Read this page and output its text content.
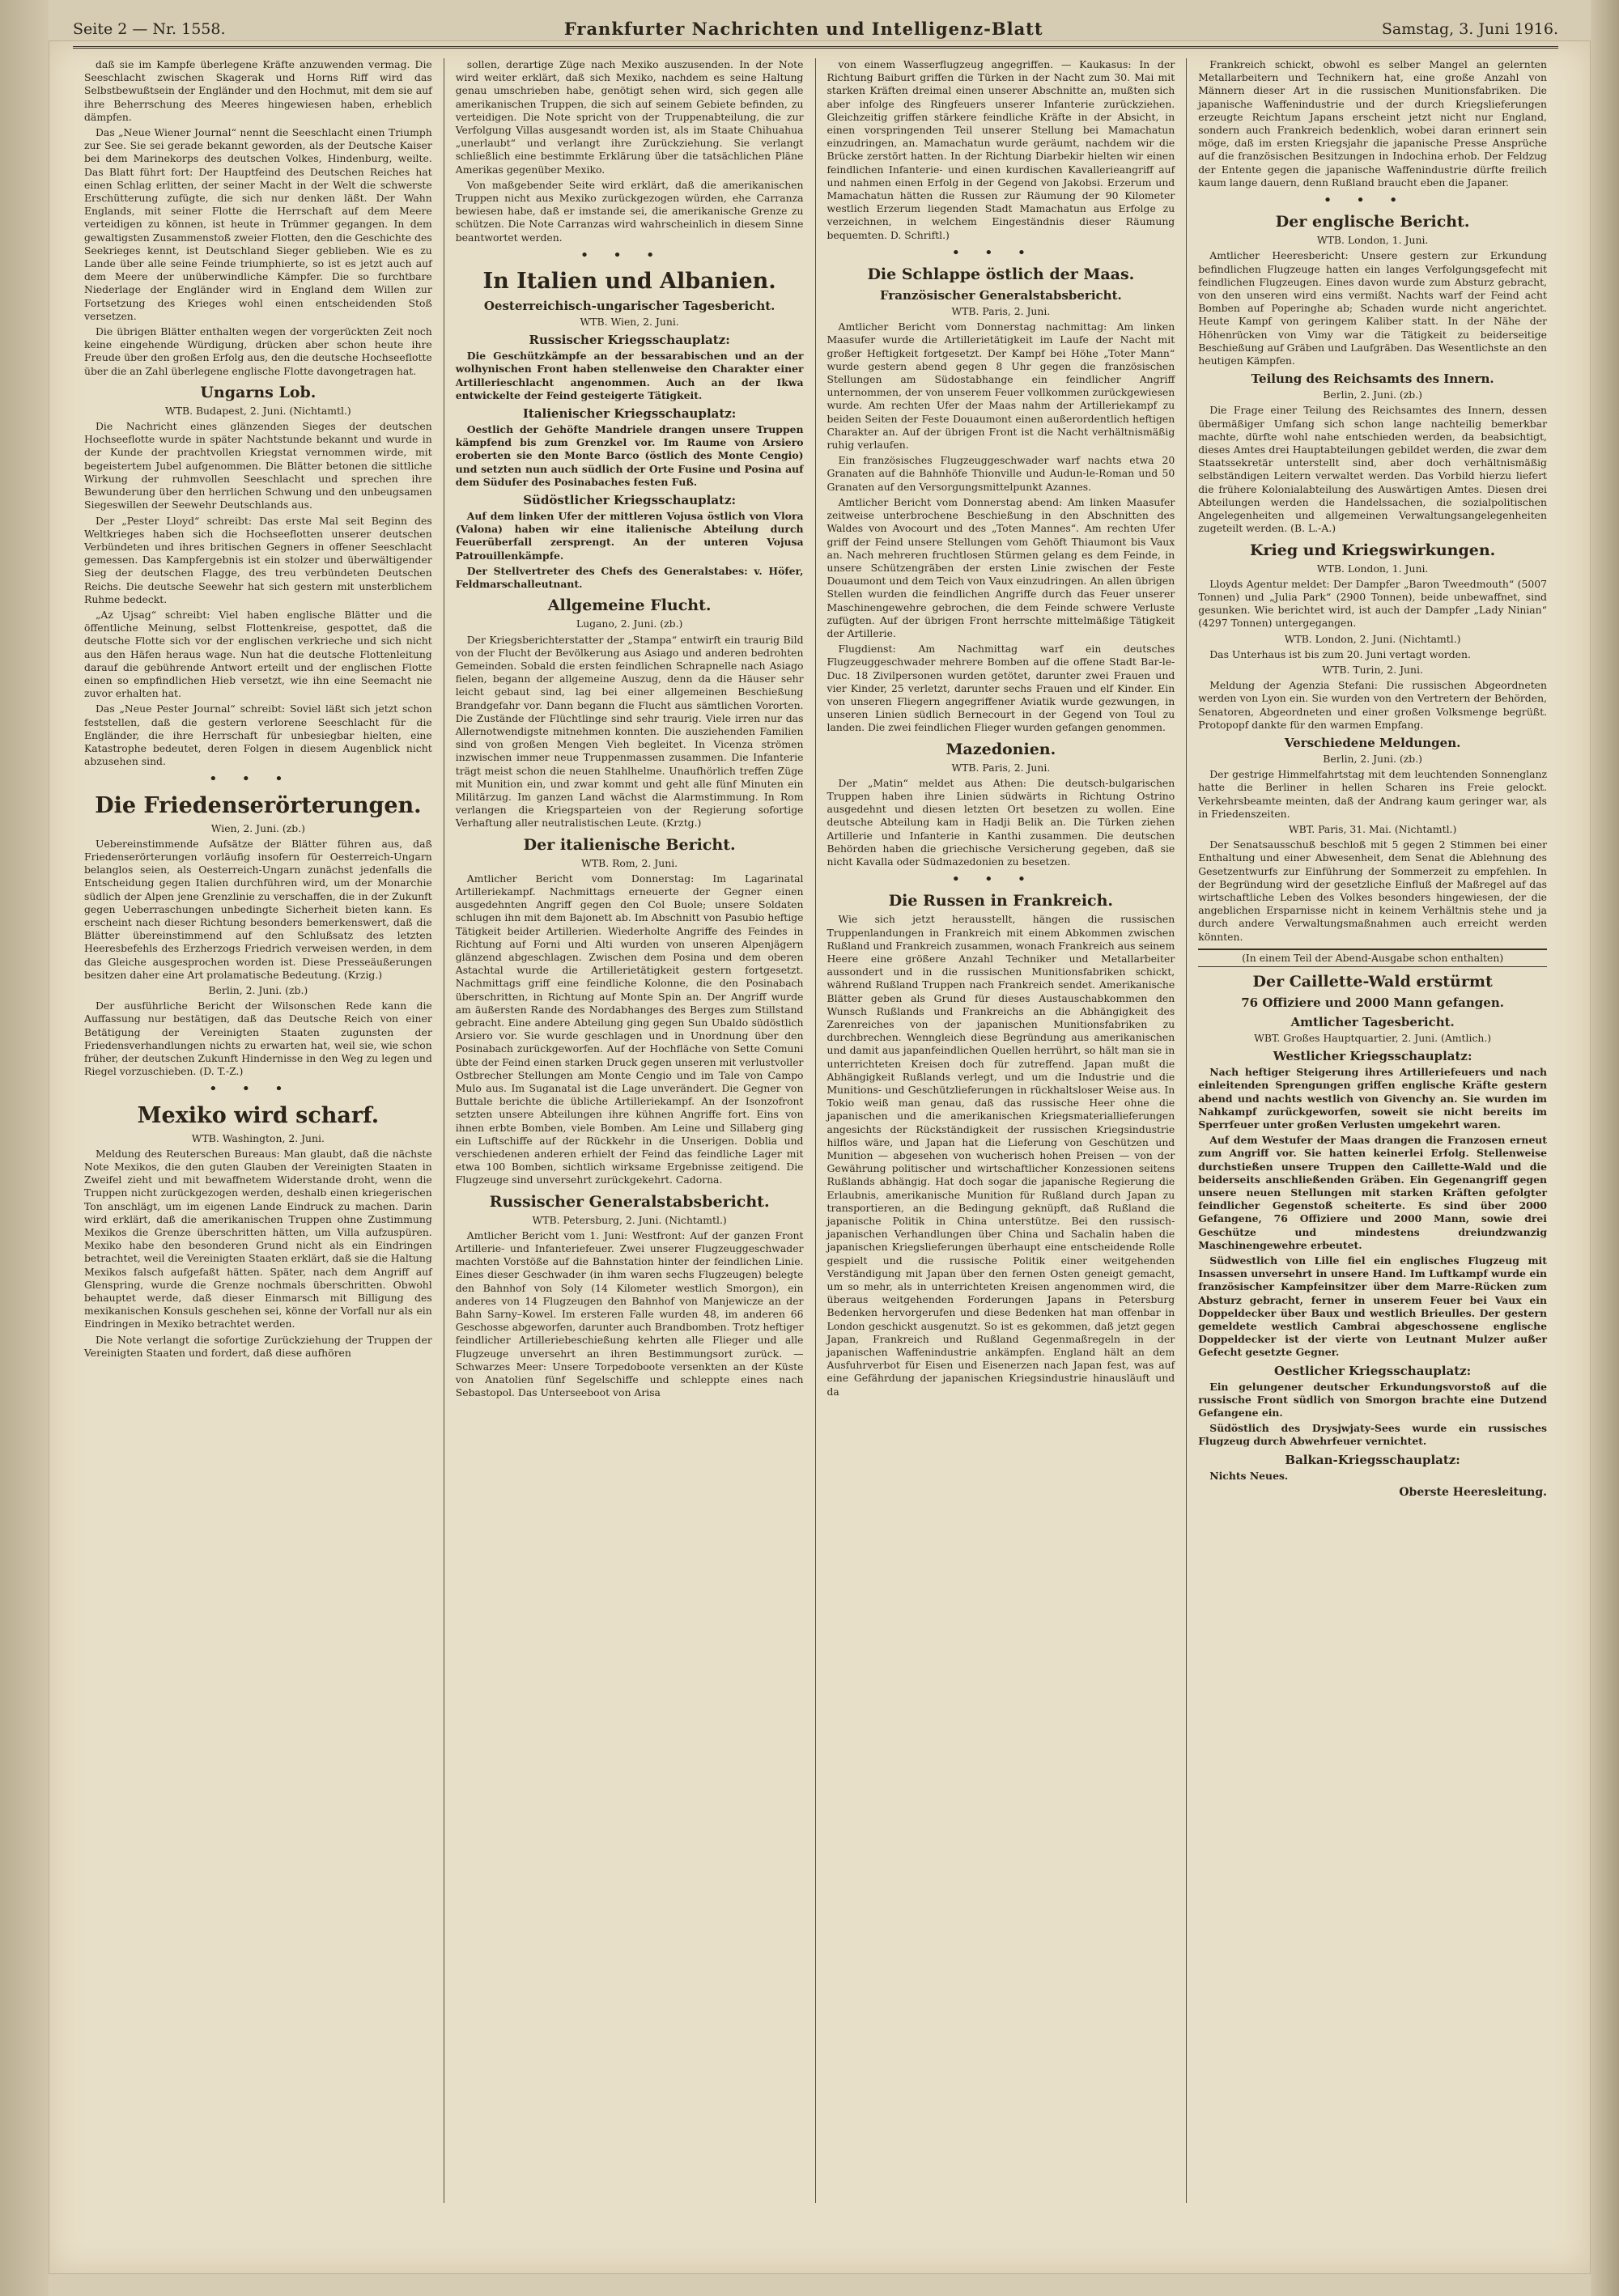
Seite 2 — Nr. 1558.	Frankfurter Nachrichten und Intelligenz-Blatt	Samstag, 3. Juni 1916.

daß sie im Kampfe überlegene Kräfte anzuwenden vermag. Die Seeschlacht zwischen Skagerak und Horns Riff wird das Selbstbewußtsein der Engländer und den Hochmut, mit dem sie auf ihre Beherrschung des Meeres hingewiesen haben, erheblich dämpfen.

Das „Neue Wiener Journal“ nennt die Seeschlacht einen Triumph zur See. Sie sei gerade bekannt geworden, als der Deutsche Kaiser bei dem Marinekorps des deutschen Volkes, Hindenburg, weilte. Das Blatt führt fort: Der Hauptfeind des Deutschen Reiches hat einen Schlag erlitten, der seiner Macht in der Welt die schwerste Erschütterung zufügte, die sich nur denken läßt. Der Wahn Englands, mit seiner Flotte die Herrschaft auf dem Meere verteidigen zu können, ist heute in Trümmer gegangen. In dem gewaltigsten Zusammenstoß zweier Flotten, den die Geschichte des Seekrieges kennt, ist Deutschland Sieger geblieben. Wie es zu Lande über alle seine Feinde triumphierte, so ist es jetzt auch auf dem Meere der unüberwindliche Kämpfer. Die so furchtbare Niederlage der Engländer wird in England dem Willen zur Fortsetzung des Krieges wohl einen entscheidenden Stoß versetzen.

Die übrigen Blätter enthalten wegen der vorgerückten Zeit noch keine eingehende Würdigung, drücken aber schon heute ihre Freude über den großen Erfolg aus, den die deutsche Hochseeflotte über die an Zahl überlegene englische Flotte davongetragen hat.

Ungarns Lob.
WTB. Budapest, 2. Juni. (Nichtamtl.)

Die Nachricht eines glänzenden Sieges der deutschen Hochseeflotte wurde in später Nachtstunde bekannt und wurde in der Kunde der prachtvollen Kriegstat vernommen wirde, mit begeistertem Jubel aufgenommen. Die Blätter betonen die sittliche Wirkung der ruhmvollen Seeschlacht und sprechen ihre Bewunderung über den herrlichen Schwung und den unbeugsamen Siegeswillen der Seewehr Deutschlands aus.

Der „Pester Lloyd“ schreibt: Das erste Mal seit Beginn des Weltkrieges haben sich die Hochseeflotten unserer deutschen Verbündeten und ihres britischen Gegners in offener Seeschlacht gemessen. Das Kampfergebnis ist ein stolzer und überwältigender Sieg der deutschen Flagge, des treu verbündeten Deutschen Reichs. Die deutsche Seewehr hat sich gestern mit unsterblichem Ruhme bedeckt.

„Az Ujsag“ schreibt: Viel haben englische Blätter und die öffentliche Meinung, selbst Flottenkreise, gespottet, daß die deutsche Flotte sich vor der englischen verkrieche und sich nicht aus den Häfen heraus wage. Nun hat die deutsche Flottenleitung darauf die gebührende Antwort erteilt und der englischen Flotte einen so empfindlichen Hieb versetzt, wie ihn eine Seemacht nie zuvor erhalten hat.

Das „Neue Pester Journal“ schreibt: Soviel läßt sich jetzt schon feststellen, daß die gestern verlorene Seeschlacht für die Engländer, die ihre Herrschaft für unbesiegbar hielten, eine Katastrophe bedeutet, deren Folgen in diesem Augenblick nicht abzusehen sind.

•••
Die Friedenserörterungen.
Wien, 2. Juni. (zb.)

Uebereinstimmende Aufsätze der Blätter führen aus, daß Friedenserörterungen vorläufig insofern für Oesterreich-Ungarn belanglos seien, als Oesterreich-Ungarn zunächst jedenfalls die Entscheidung gegen Italien durchführen wird, um der Monarchie südlich der Alpen jene Grenzlinie zu verschaffen, die in der Zukunft gegen Ueberraschungen unbedingte Sicherheit bieten kann. Es erscheint nach dieser Richtung besonders bemerkenswert, daß die Blätter übereinstimmend auf den Schlußsatz des letzten Heeresbefehls des Erzherzogs Friedrich verweisen werden, in dem das Gleiche ausgesprochen worden ist. Diese Presseäußerungen besitzen daher eine Art prolamatische Bedeutung. (Krzig.)

Berlin, 2. Juni. (zb.)

Der ausführliche Bericht der Wilsonschen Rede kann die Auffassung nur bestätigen, daß das Deutsche Reich von einer Betätigung der Vereinigten Staaten zugunsten der Friedensverhandlungen nichts zu erwarten hat, weil sie, wie schon früher, der deutschen Zukunft Hindernisse in den Weg zu legen und Riegel vorzuschieben. (D. T.-Z.)

•••
Mexiko wird scharf.
WTB. Washington, 2. Juni.

Meldung des Reuterschen Bureaus: Man glaubt, daß die nächste Note Mexikos, die den guten Glauben der Vereinigten Staaten in Zweifel zieht und mit bewaffnetem Widerstande droht, wenn die Truppen nicht zurückgezogen werden, deshalb einen kriegerischen Ton anschlägt, um im eigenen Lande Eindruck zu machen. Darin wird erklärt, daß die amerikanischen Truppen ohne Zustimmung Mexikos die Grenze überschritten hätten, um Villa aufzuspüren. Mexiko habe den besonderen Grund nicht als ein Eindringen betrachtet, weil die Vereinigten Staaten erklärt, daß sie die Haltung Mexikos falsch aufgefaßt hätten. Später, nach dem Angriff auf Glenspring, wurde die Grenze nochmals überschritten. Obwohl behauptet werde, daß dieser Einmarsch mit Billigung des mexikanischen Konsuls geschehen sei, könne der Vorfall nur als ein Eindringen in Mexiko betrachtet werden.

Die Note verlangt die sofortige Zurückziehung der Truppen der Vereinigten Staaten und fordert, daß diese aufhören

sollen, derartige Züge nach Mexiko auszusenden. In der Note wird weiter erklärt, daß sich Mexiko, nachdem es seine Haltung genau umschrieben habe, genötigt sehen wird, sich gegen alle amerikanischen Truppen, die sich auf seinem Gebiete befinden, zu verteidigen. Die Note spricht von der Truppenabteilung, die zur Verfolgung Villas ausgesandt worden ist, als im Staate Chihuahua „unerlaubt“ und verlangt ihre Zurückziehung. Sie verlangt schließlich eine bestimmte Erklärung über die tatsächlichen Pläne Amerikas gegenüber Mexiko.

Von maßgebender Seite wird erklärt, daß die amerikanischen Truppen nicht aus Mexiko zurückgezogen würden, ehe Carranza bewiesen habe, daß er imstande sei, die amerikanische Grenze zu schützen. Die Note Carranzas wird wahrscheinlich in diesem Sinne beantwortet werden.

•••
In Italien und Albanien.
Oesterreichisch-ungarischer Tagesbericht.
WTB. Wien, 2. Juni.
Russischer Kriegsschauplatz:

Die Geschützkämpfe an der bessarabischen und an der wolhynischen Front haben stellenweise den Charakter einer Artillerieschlacht angenommen. Auch an der Ikwa entwickelte der Feind gesteigerte Tätigkeit.

Italienischer Kriegsschauplatz:

Oestlich der Gehöfte Mandriele drangen unsere Truppen kämpfend bis zum Grenzkel vor. Im Raume von Arsiero eroberten sie den Monte Barco (östlich des Monte Cengio) und setzten nun auch südlich der Orte Fusine und Posina auf dem Südufer des Posinabaches festen Fuß.

Südöstlicher Kriegsschauplatz:

Auf dem linken Ufer der mittleren Vojusa östlich von Vlora (Valona) haben wir eine italienische Abteilung durch Feuerüberfall zersprengt. An der unteren Vojusa Patrouillenkämpfe.

Der Stellvertreter des Chefs des Generalstabes: v. Höfer, Feldmarschalleutnant.

Allgemeine Flucht.
Lugano, 2. Juni. (zb.)

Der Kriegsberichterstatter der „Stampa“ entwirft ein traurig Bild von der Flucht der Bevölkerung aus Asiago und anderen bedrohten Gemeinden. Sobald die ersten feindlichen Schrapnelle nach Asiago fielen, begann der allgemeine Auszug, denn da die Häuser sehr leicht gebaut sind, lag bei einer allgemeinen Beschießung Brandgefahr vor. Dann begann die Flucht aus sämtlichen Vororten. Die Zustände der Flüchtlinge sind sehr traurig. Viele irren nur das Allernotwendigste mitnehmen konnten. Die ausziehenden Familien sind von großen Mengen Vieh begleitet. In Vicenza strömen inzwischen immer neue Truppenmassen zusammen. Die Infanterie trägt meist schon die neuen Stahlhelme. Unaufhörlich treffen Züge mit Munition ein, und zwar kommt und geht alle fünf Minuten ein Militärzug. Im ganzen Land wächst die Alarmstimmung. In Rom verlangen die Kriegsparteien von der Regierung sofortige Verhaftung aller neutralistischen Leute. (Krztg.)

Der italienische Bericht.
WTB. Rom, 2. Juni.

Amtlicher Bericht vom Donnerstag: Im Lagarinatal Artilleriekampf. Nachmittags erneuerte der Gegner einen ausgedehnten Angriff gegen den Col Buole; unsere Soldaten schlugen ihn mit dem Bajonett ab. Im Abschnitt von Pasubio heftige Tätigkeit beider Artillerien. Wiederholte Angriffe des Feindes in Richtung auf Forni und Alti wurden von unseren Alpenjägern glänzend abgeschlagen. Zwischen dem Posina und dem oberen Astachtal wurde die Artillerietätigkeit gestern fortgesetzt. Nachmittags griff eine feindliche Kolonne, die den Posinabach überschritten, in Richtung auf Monte Spin an. Der Angriff wurde am äußersten Rande des Nordabhanges des Berges zum Stillstand gebracht. Eine andere Abteilung ging gegen Sun Ubaldo südöstlich Arsiero vor. Sie wurde geschlagen und in Unordnung über den Posinabach zurückgeworfen. Auf der Hochfläche von Sette Comuni übte der Feind einen starken Druck gegen unseren mit verlustvoller Ostbrecher Stellungen am Monte Cengio und im Tale von Campo Mulo aus. Im Suganatal ist die Lage unverändert. Die Gegner von Buttale berichte die übliche Artilleriekampf. An der Isonzofront setzten unsere Abteilungen ihre kühnen Angriffe fort. Eins von ihnen erbte Bomben, viele Bomben. Am Leine und Sillaberg ging ein Luftschiffe auf der Rückkehr in die Unserigen. Doblia und verschiedenen anderen erhielt der Feind das feindliche Lager mit etwa 100 Bomben, sichtlich wirksame Ergebnisse zeitigend. Die Flugzeuge sind unversehrt zurückgekehrt. Cadorna.

Russischer Generalstabsbericht.
WTB. Petersburg, 2. Juni. (Nichtamtl.)

Amtlicher Bericht vom 1. Juni: Westfront: Auf der ganzen Front Artillerie- und Infanteriefeuer. Zwei unserer Flugzeuggeschwader machten Vorstöße auf die Bahnstation hinter der feindlichen Linie. Eines dieser Geschwader (in ihm waren sechs Flugzeugen) belegte den Bahnhof von Soly (14 Kilometer westlich Smorgon), ein anderes von 14 Flugzeugen den Bahnhof von Manjewicze an der Bahn Sarny–Kowel. Im ersteren Falle wurden 48, im anderen 66 Geschosse abgeworfen, darunter auch Brandbomben. Trotz heftiger feindlicher Artilleriebeschießung kehrten alle Flieger und alle Flugzeuge unversehrt an ihren Bestimmungsort zurück. — Schwarzes Meer: Unsere Torpedoboote versenkten an der Küste von Anatolien fünf Segelschiffe und schleppte eines nach Sebastopol. Das Unterseeboot von Arisa

von einem Wasserflugzeug angegriffen. — Kaukasus: In der Richtung Baiburt griffen die Türken in der Nacht zum 30. Mai mit starken Kräften dreimal einen unserer Abschnitte an, mußten sich aber infolge des Ringfeuers unserer Infanterie zurückziehen. Gleichzeitig griffen stärkere feindliche Kräfte in der Absicht, in einen vorspringenden Teil unserer Stellung bei Mamachatun einzudringen, an. Mamachatun wurde geräumt, nachdem wir die Brücke zerstört hatten. In der Richtung Diarbekir hielten wir einen feindlichen Infanterie- und einen kurdischen Kavallerieangriff auf und nahmen einen Erfolg in der Gegend von Jakobsi. Erzerum und Mamachatun hätten die Russen zur Räumung der 90 Kilometer westlich Erzerum liegenden Stadt Mamachatun aus Erfolge zu verzeichnen, in welchem Eingeständnis dieser Räumung bequemten. D. Schriftl.)

•••
Die Schlappe östlich der Maas.
Französischer Generalstabsbericht.
WTB. Paris, 2. Juni.

Amtlicher Bericht vom Donnerstag nachmittag: Am linken Maasufer wurde die Artillerietätigkeit im Laufe der Nacht mit großer Heftigkeit fortgesetzt. Der Kampf bei Höhe „Toter Mann“ wurde gestern abend gegen 8 Uhr gegen die französischen Stellungen am Südostabhange ein feindlicher Angriff unternommen, der von unserem Feuer vollkommen zurückgewiesen wurde. Am rechten Ufer der Maas nahm der Artilleriekampf zu beiden Seiten der Feste Douaumont einen außerordentlich heftigen Charakter an. Auf der übrigen Front ist die Nacht verhältnismäßig ruhig verlaufen.

Ein französisches Flugzeuggeschwader warf nachts etwa 20 Granaten auf die Bahnhöfe Thionville und Audun-le-Roman und 50 Granaten auf den Versorgungsmittelpunkt Azannes.

Amtlicher Bericht vom Donnerstag abend: Am linken Maasufer zeitweise unterbrochene Beschießung in den Abschnitten des Waldes von Avocourt und des „Toten Mannes“. Am rechten Ufer griff der Feind unsere Stellungen vom Gehöft Thiaumont bis Vaux an. Nach mehreren fruchtlosen Stürmen gelang es dem Feinde, in unsere Schützengräben der ersten Linie zwischen der Feste Douaumont und dem Teich von Vaux einzudringen. An allen übrigen Stellen wurden die feindlichen Angriffe durch das Feuer unserer Maschinengewehre gebrochen, die dem Feinde schwere Verluste zufügten. Auf der übrigen Front herrschte mittelmäßige Tätigkeit der Artillerie.

Flugdienst: Am Nachmittag warf ein deutsches Flugzeuggeschwader mehrere Bomben auf die offene Stadt Bar-le-Duc. 18 Zivilpersonen wurden getötet, darunter zwei Frauen und vier Kinder, 25 verletzt, darunter sechs Frauen und elf Kinder. Ein von unseren Fliegern angegriffener Aviatik wurde gezwungen, in unseren Linien südlich Bernecourt in der Gegend von Toul zu landen. Die zwei feindlichen Flieger wurden gefangen genommen.

Mazedonien.
WTB. Paris, 2. Juni.

Der „Matin“ meldet aus Athen: Die deutsch-bulgarischen Truppen haben ihre Linien südwärts in Richtung Ostrino ausgedehnt und diesen letzten Ort besetzen zu wollen. Eine deutsche Abteilung kam in Hadji Belik an. Die Türken ziehen Artillerie und Infanterie in Kanthi zusammen. Die deutschen Behörden haben die griechische Versicherung gegeben, daß sie nicht Kavalla oder Südmazedonien zu besetzen.

•••
Die Russen in Frankreich.

Wie sich jetzt herausstellt, hängen die russischen Truppenlandungen in Frankreich mit einem Abkommen zwischen Rußland und Frankreich zusammen, wonach Frankreich aus seinem Heere eine größere Anzahl Techniker und Metallarbeiter aussondert und in die russischen Munitionsfabriken schickt, während Rußland Truppen nach Frankreich sendet. Amerikanische Blätter geben als Grund für dieses Austauschabkommen den Wunsch Rußlands und Frankreichs an die Abhängigkeit des Zarenreiches von der japanischen Munitionsfabriken zu durchbrechen. Wenngleich diese Begründung aus amerikanischen und damit aus japanfeindlichen Quellen herrührt, so hält man sie in unterrichteten Kreisen doch für zutreffend. Japan mußt die Abhängigkeit Rußlands verlegt, und um die Industrie und die Munitions- und Geschützlieferungen in rückhaltsloser Weise aus. In Tokio weiß man genau, daß das russische Heer ohne die japanischen und die amerikanischen Kriegsmateriallieferungen angesichts der Rückständigkeit der russischen Kriegsindustrie hilflos wäre, und Japan hat die Lieferung von Geschützen und Munition — abgesehen von wucherisch hohen Preisen — von der Gewährung politischer und wirtschaftlicher Konzessionen seitens Rußlands abhängig. Hat doch sogar die japanische Regierung die Erlaubnis, amerikanische Munition für Rußland durch Japan zu transportieren, an die Bedingung geknüpft, daß Rußland die japanische Politik in China unterstütze. Bei den russisch-japanischen Verhandlungen über China und Sachalin haben die japanischen Kriegslieferungen überhaupt eine entscheidende Rolle gespielt und die russische Politik einer weitgehenden Verständigung mit Japan über den fernen Osten geneigt gemacht, um so mehr, als in unterrichteten Kreisen angenommen wird, die überaus weitgehenden Forderungen Japans in Petersburg Bedenken hervorgerufen und diese Bedenken hat man offenbar in London geschickt ausgenutzt. So ist es gekommen, daß jetzt gegen Japan, Frankreich und Rußland Gegenmaßregeln in der japanischen Waffenindustrie ankämpfen. England hält an dem Ausfuhrverbot für Eisen und Eisenerzen nach Japan fest, was auf eine Gefährdung der japanischen Kriegsindustrie hinausläuft und da

Frankreich schickt, obwohl es selber Mangel an gelernten Metallarbeitern und Technikern hat, eine große Anzahl von Männern dieser Art in die russischen Munitionsfabriken. Die japanische Waffenindustrie und der durch Kriegslieferungen erzeugte Reichtum Japans erscheint jetzt nicht nur England, sondern auch Frankreich bedenklich, wobei daran erinnert sein möge, daß im ersten Kriegsjahr die japanische Presse Ansprüche auf die französischen Besitzungen in Indochina erhob. Der Feldzug der Entente gegen die japanische Waffenindustrie dürfte freilich kaum lange dauern, denn Rußland braucht eben die Japaner.

•••
Der englische Bericht.
WTB. London, 1. Juni.

Amtlicher Heeresbericht: Unsere gestern zur Erkundung befindlichen Flugzeuge hatten ein langes Verfolgungsgefecht mit feindlichen Flugzeugen. Eines davon wurde zum Absturz gebracht, von den unseren wird eins vermißt. Nachts warf der Feind acht Bomben auf Poperinghe ab; Schaden wurde nicht angerichtet. Heute Kampf von geringem Kaliber statt. In der Nähe der Höhenrücken von Vimy war die Tätigkeit zu beiderseitige Beschießung auf Gräben und Laufgräben. Das Wesentlichste an den heutigen Kämpfen.

Teilung des Reichsamts des Innern.
Berlin, 2. Juni. (zb.)

Die Frage einer Teilung des Reichsamtes des Innern, dessen übermäßiger Umfang sich schon lange nachteilig bemerkbar machte, dürfte wohl nahe entschieden werden, da beabsichtigt, dieses Amtes drei Hauptabteilungen gebildet werden, die zwar dem Staatssekretär unterstellt sind, aber doch verhältnismäßig selbständigen Leitern verwaltet werden. Das Vorbild hierzu liefert die frühere Kolonialabteilung des Auswärtigen Amtes. Diesen drei Abteilungen werden die Handelssachen, die sozialpolitischen Angelegenheiten und allgemeinen Verwaltungsangelegenheiten zugeteilt werden. (B. L.-A.)

Krieg und Kriegswirkungen.
WTB. London, 1. Juni.

Lloyds Agentur meldet: Der Dampfer „Baron Tweedmouth“ (5007 Tonnen) und „Julia Park“ (2900 Tonnen), beide unbewaffnet, sind gesunken. Wie berichtet wird, ist auch der Dampfer „Lady Ninian“ (4297 Tonnen) untergegangen.

WTB. London, 2. Juni. (Nichtamtl.)

Das Unterhaus ist bis zum 20. Juni vertagt worden.

WTB. Turin, 2. Juni.

Meldung der Agenzia Stefani: Die russischen Abgeordneten werden von Lyon ein. Sie wurden von den Vertretern der Behörden, Senatoren, Abgeordneten und einer großen Volksmenge begrüßt. Protopopf dankte für den warmen Empfang.

Verschiedene Meldungen.
Berlin, 2. Juni. (zb.)

Der gestrige Himmelfahrtstag mit dem leuchtenden Sonnenglanz hatte die Berliner in hellen Scharen ins Freie gelockt. Verkehrsbeamte meinten, daß der Andrang kaum geringer war, als in Friedenszeiten.

WBT. Paris, 31. Mai. (Nichtamtl.)

Der Senatsausschuß beschloß mit 5 gegen 2 Stimmen bei einer Enthaltung und einer Abwesenheit, dem Senat die Ablehnung des Gesetzentwurfs zur Einführung der Sommerzeit zu empfehlen. In der Begründung wird der gesetzliche Einfluß der Maßregel auf das wirtschaftliche Leben des Volkes besonders hingewiesen, der die angeblichen Ersparnisse nicht in keinem Verhältnis stehe und ja durch andere Verwaltungsmaßnahmen auch erreicht werden könnten.

(In einem Teil der Abend-Ausgabe schon enthalten)
Der Caillette-Wald erstürmt
76 Offiziere und 2000 Mann gefangen.
Amtlicher Tagesbericht.
WBT. Großes Hauptquartier, 2. Juni. (Amtlich.)
Westlicher Kriegsschauplatz:

Nach heftiger Steigerung ihres Artilleriefeuers und nach einleitenden Sprengungen griffen englische Kräfte gestern abend und nachts westlich von Givenchy an. Sie wurden im Nahkampf zurückgeworfen, soweit sie nicht bereits im Sperrfeuer unter großen Verlusten umgekehrt waren.

Auf dem Westufer der Maas drangen die Franzosen erneut zum Angriff vor. Sie hatten keinerlei Erfolg. Stellenweise durchstießen unsere Truppen den Caillette-Wald und die beiderseits anschließenden Gräben. Ein Gegenangriff gegen unsere neuen Stellungen mit starken Kräften gefolgter feindlicher Gegenstoß scheiterte. Es sind über 2000 Gefangene, 76 Offiziere und 2000 Mann, sowie drei Geschütze und mindestens dreiundzwanzig Maschinengewehre erbeutet.

Südwestlich von Lille fiel ein englisches Flugzeug mit Insassen unversehrt in unsere Hand. Im Luftkampf wurde ein französischer Kampfeinsitzer über dem Marre-Rücken zum Absturz gebracht, ferner in unserem Feuer bei Vaux ein Doppeldecker über Baux und westlich Brieulles. Der gestern gemeldete westlich Cambrai abgeschossene englische Doppeldecker ist der vierte von Leutnant Mulzer außer Gefecht gesetzte Gegner.

Oestlicher Kriegsschauplatz:

Ein gelungener deutscher Erkundungsvorstoß auf die russische Front südlich von Smorgon brachte eine Dutzend Gefangene ein.

Südöstlich des Drysjwjaty-Sees wurde ein russisches Flugzeug durch Abwehrfeuer vernichtet.

Balkan-Kriegsschauplatz:

Nichts Neues.

Oberste Heeresleitung.
